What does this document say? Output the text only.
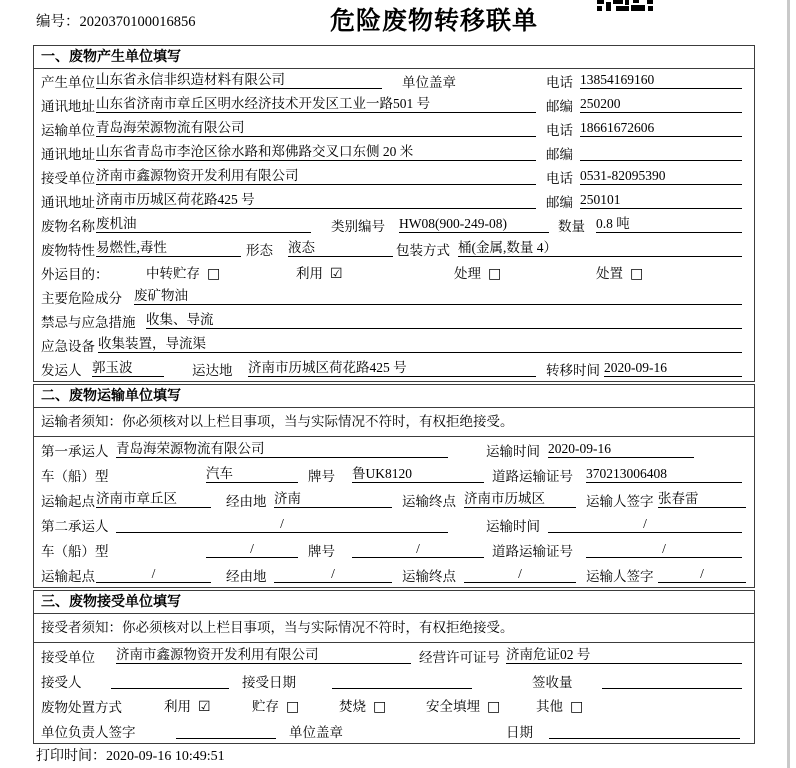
编号：2020370100016856	危险废物转移联单
一、废物产生单位填写
产生单位 山东省永信非织造材料有限公司	单位盖章	电话 13854169160
通讯地址 山东省济南市章丘区明水经济技术开发区工业一路501 号	邮编 250200
运输单位 青岛海荣源物流有限公司	电话 18661672606
通讯地址 山东省青岛市李沧区徐水路和郑佛路交叉口东侧 20 米	邮编
接受单位 济南市鑫源物资开发利用有限公司	电话 0531-82095390
通讯地址 济南市历城区荷花路425 号	邮编 250101
废物名称 废机油	类别编号 HW08(900-249-08)	数量 0.8 吨
废物特性 易燃性,毒性	形态 液态	包装方式 桶(金属,数量 4）
外运目的：	中转贮存 □	利用 ☑	处理 □	处置 □
主要危险成分 废矿物油
禁忌与应急措施 收集、导流
应急设备 收集装置，导流渠
发运人 郭玉波	运达地 济南市历城区荷花路425 号	转移时间 2020-09-16
二、废物运输单位填写
运输者须知：你必须核对以上栏目事项，当与实际情况不符时，有权拒绝接受。
第一承运人 青岛海荣源物流有限公司	运输时间 2020-09-16
车（船）型	汽车	牌号 鲁UK8120	道路运输证号 370213006408
运输起点 济南市章丘区	经由地 济南	运输终点 济南市历城区	运输人签字 张春雷
第二承运人	/	运输时间	/
车（船）型	/	牌号	/	道路运输证号	/
运输起点	/	经由地	/	运输终点	/	运输人签字	/
三、废物接受单位填写
接受者须知：你必须核对以上栏目事项，当与实际情况不符时，有权拒绝接受。
接受单位 济南市鑫源物资开发利用有限公司	经营许可证号 济南危证02 号
接受人	接受日期	签收量
废物处置方式	利用 ☑	贮存 □	焚烧 □	安全填埋 □	其他 □
单位负责人签字	单位盖章	日期
打印时间：2020-09-16 10:49:51
